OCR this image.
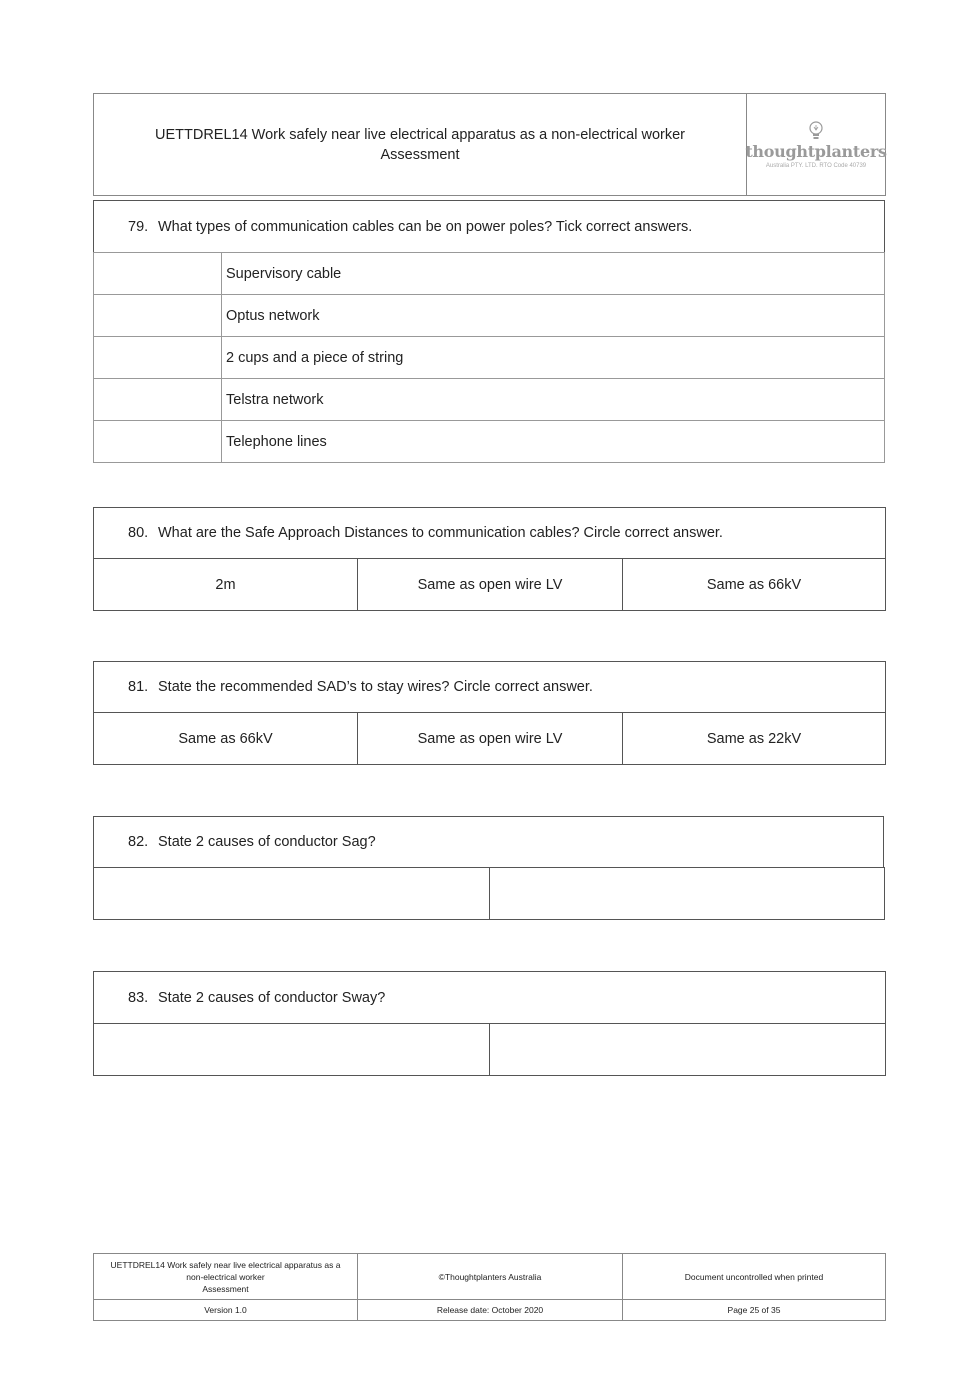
UETTDREL14 Work safely near live electrical apparatus as a non-electrical worker
Assessment	thoughtplanters
Australia PTY. LTD. RTO Code 40739
79. What types of communication cables can be on power poles? Tick correct answers.
	Supervisory cable
	Optus network
	2 cups and a piece of string
	Telstra network
	Telephone lines
80. What are the Safe Approach Distances to communication cables? Circle correct answer.
2m	Same as open wire LV	Same as 66kV
81. State the recommended SAD’s to stay wires? Circle correct answer.
Same as 66kV	Same as open wire LV	Same as 22kV
82. State 2 causes of conductor Sag?

83. State 2 causes of conductor Sway?

UETTDREL14 Work safely near live electrical apparatus as a
non-electrical worker
Assessment	©Thoughtplanters Australia	Document uncontrolled when printed
Version 1.0	Release date: October 2020	Page 25 of 35
